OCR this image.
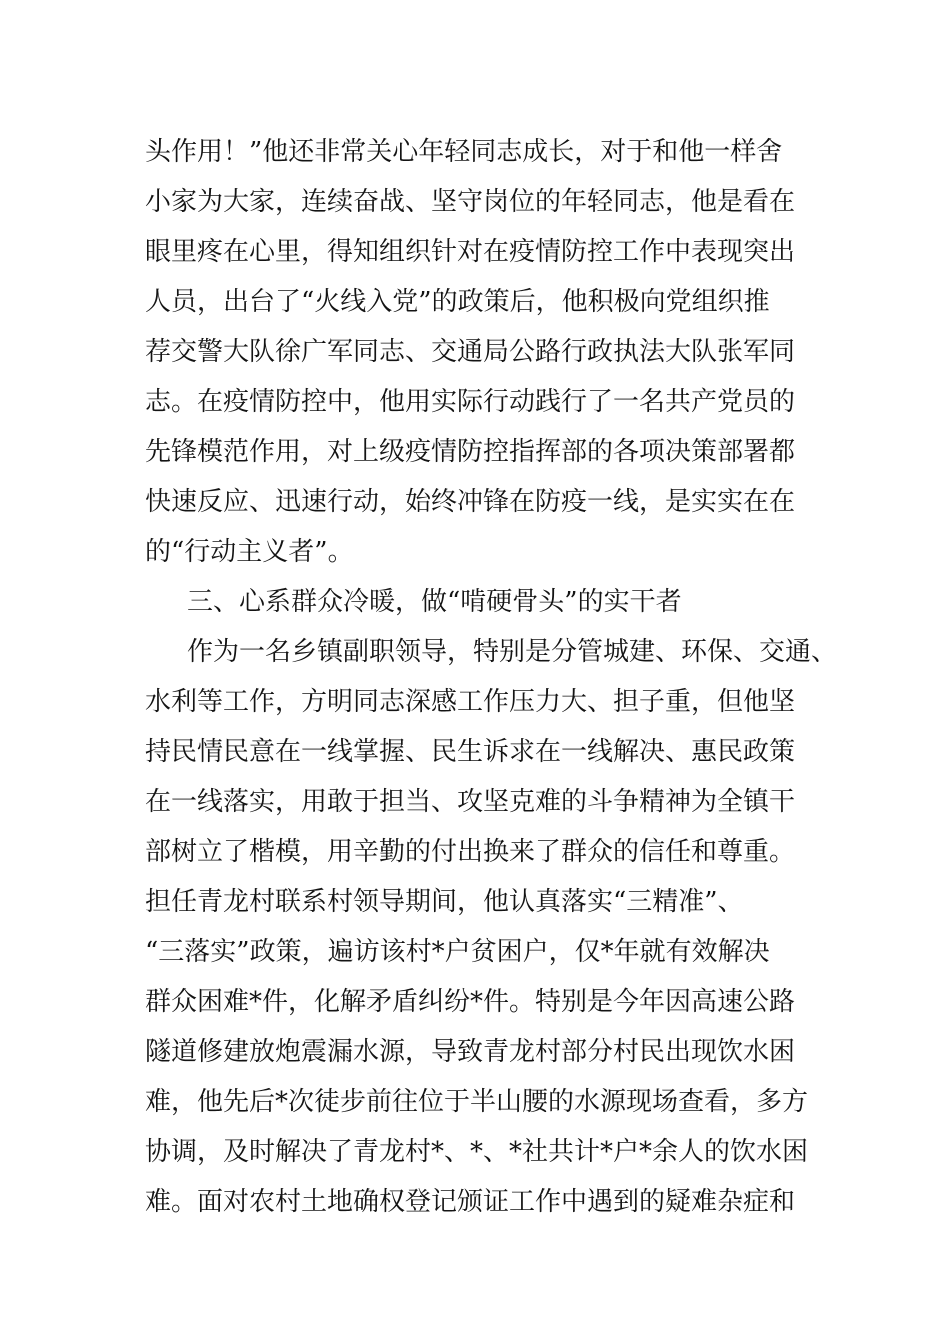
头作用！”他还非常关心年轻同志成长，对于和他一样舍
小家为大家，连续奋战、坚守岗位的年轻同志，他是看在
眼里疼在心里，得知组织针对在疫情防控工作中表现突出
人员，出台了“火线入党”的政策后，他积极向党组织推
荐交警大队徐广军同志、交通局公路行政执法大队张军同
志。在疫情防控中，他用实际行动践行了一名共产党员的
先锋模范作用，对上级疫情防控指挥部的各项决策部署都
快速反应、迅速行动，始终冲锋在防疫一线，是实实在在
的“行动主义者”。
三、心系群众冷暖，做“啃硬骨头”的实干者
作为一名乡镇副职领导，特别是分管城建、环保、交通、
水利等工作，方明同志深感工作压力大、担子重，但他坚
持民情民意在一线掌握、民生诉求在一线解决、惠民政策
在一线落实，用敢于担当、攻坚克难的斗争精神为全镇干
部树立了楷模，用辛勤的付出换来了群众的信任和尊重。
担任青龙村联系村领导期间，他认真落实“三精准”、
“三落实”政策，遍访该村*户贫困户，仅*年就有效解决
群众困难*件，化解矛盾纠纷*件。特别是今年因高速公路
隧道修建放炮震漏水源，导致青龙村部分村民出现饮水困
难，他先后*次徒步前往位于半山腰的水源现场查看，多方
协调，及时解决了青龙村*、*、*社共计*户*余人的饮水困
难。面对农村土地确权登记颁证工作中遇到的疑难杂症和
